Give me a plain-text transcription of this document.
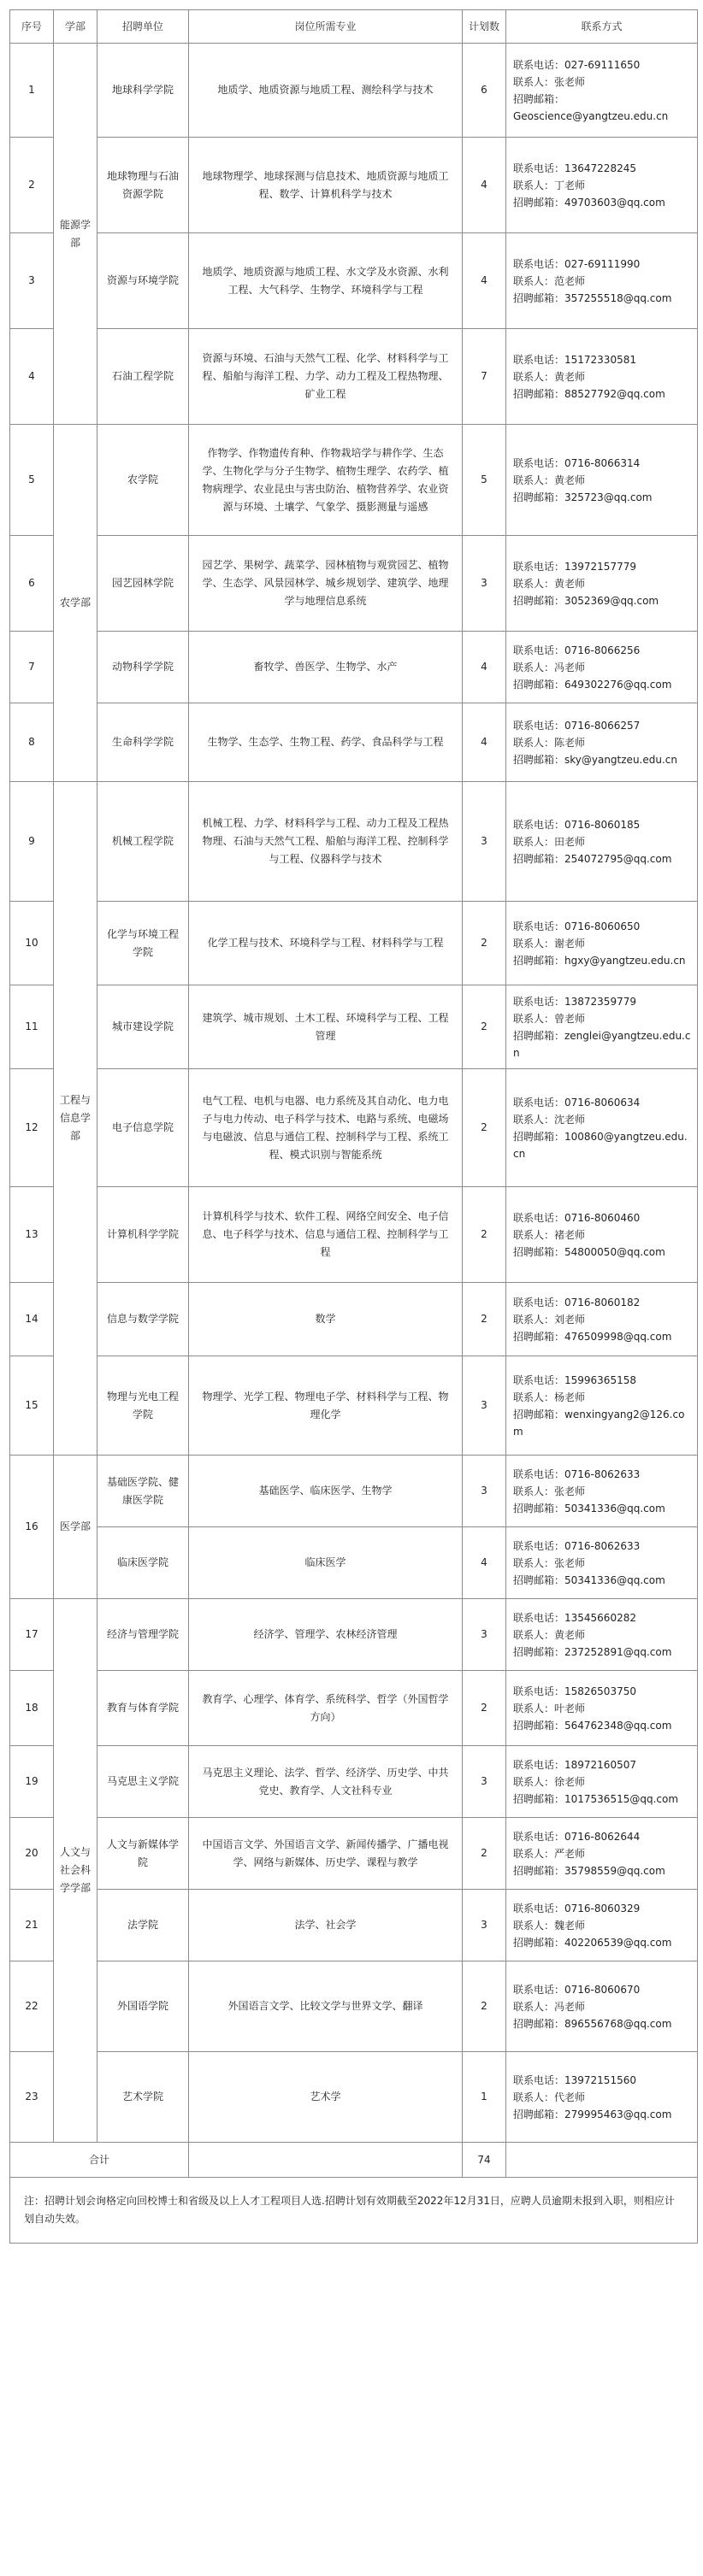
序号	学部	招聘单位	岗位所需专业	计划数	联系方式
1	能源学部	地球科学学院	地质学、地质资源与地质工程、测绘科学与技术	6	联系电话：027-69111650
联系人：张老师
招聘邮箱：
Geoscience@yangtzeu.edu.cn

2		地球物理与石油资源学院	地球物理学、地球探测与信息技术、地质资源与地质工程、数学、计算机科学与技术	4	联系电话：13647228245
联系人：丁老师
招聘邮箱：49703603@qq.com

3		资源与环境学院	地质学、地质资源与地质工程、水文学及水资源、水利工程、大气科学、生物学、环境科学与工程	4	联系电话：027-69111990
联系人：范老师
招聘邮箱：357255518@qq.com

4		石油工程学院	资源与环境、石油与天然气工程、化学、材料科学与工程、船舶与海洋工程、力学、动力工程及工程热物理、矿业工程	7	联系电话：15172330581
联系人：黄老师
招聘邮箱：88527792@qq.com

5	农学部	农学院	作物学、作物遗传育种、作物栽培学与耕作学、生态学、生物化学与分子生物学、植物生理学、农药学、植物病理学、农业昆虫与害虫防治、植物营养学、农业资源与环境、土壤学、气象学、摄影测量与遥感	5	联系电话：0716-8066314
联系人：黄老师
招聘邮箱：325723@qq.com

6		园艺园林学院	园艺学、果树学、蔬菜学、园林植物与观赏园艺、植物学、生态学、风景园林学、城乡规划学、建筑学、地理学与地理信息系统	3	联系电话：13972157779
联系人：黄老师
招聘邮箱：3052369@qq.com

7		动物科学学院	畜牧学、兽医学、生物学、水产	4	联系电话：0716-8066256
联系人：冯老师
招聘邮箱：649302276@qq.com

8		生命科学学院	生物学、生态学、生物工程、药学、食品科学与工程	4	联系电话：0716-8066257
联系人：陈老师
招聘邮箱：sky@yangtzeu.edu.cn

9	工程与信息学部	机械工程学院	机械工程、力学、材料科学与工程、动力工程及工程热物理、石油与天然气工程、船舶与海洋工程、控制科学与工程、仪器科学与技术	3	联系电话：0716-8060185
联系人：田老师
招聘邮箱：254072795@qq.com

10		化学与环境工程学院	化学工程与技术、环境科学与工程、材料科学与工程	2	联系电话：0716-8060650
联系人：谢老师
招聘邮箱：hgxy@yangtzeu.edu.cn

11		城市建设学院	建筑学、城市规划、土木工程、环境科学与工程、工程管理	2	联系电话：13872359779
联系人：曾老师
招聘邮箱：zenglei@yangtzeu.edu.cn

12		电子信息学院	电气工程、电机与电器、电力系统及其自动化、电力电子与电力传动、电子科学与技术、电路与系统、电磁场与电磁波、信息与通信工程、控制科学与工程、系统工程、模式识别与智能系统	2	联系电话：0716-8060634
联系人：沈老师
招聘邮箱：100860@yangtzeu.edu.cn

13		计算机科学学院	计算机科学与技术、软件工程、网络空间安全、电子信息、电子科学与技术、信息与通信工程、控制科学与工程	2	联系电话：0716-8060460
联系人：褚老师
招聘邮箱：54800050@qq.com

14		信息与数学学院	数学	2	联系电话：0716-8060182
联系人：刘老师
招聘邮箱：476509998@qq.com

15		物理与光电工程学院	物理学、光学工程、物理电子学、材料科学与工程、物理化学	3	联系电话：15996365158
联系人：杨老师
招聘邮箱：wenxingyang2@126.com

16	医学部	基础医学院、健康医学院	基础医学、临床医学、生物学	3	联系电话：0716-8062633
联系人：张老师
招聘邮箱：50341336@qq.com

		临床医学院	临床医学	4	联系电话：0716-8062633
联系人：张老师
招聘邮箱：50341336@qq.com

17	人文与社会科学学部	经济与管理学院	经济学、管理学、农林经济管理	3	联系电话：13545660282
联系人：黄老师
招聘邮箱：237252891@qq.com

18		教育与体育学院	教育学、心理学、体育学、系统科学、哲学（外国哲学方向）	2	联系电话：15826503750
联系人：叶老师
招聘邮箱：564762348@qq.com

19		马克思主义学院	马克思主义理论、法学、哲学、经济学、历史学、中共党史、教育学、人文社科专业	3	联系电话：18972160507
联系人：徐老师
招聘邮箱：1017536515@qq.com

20		人文与新媒体学院	中国语言文学、外国语言文学、新闻传播学、广播电视学、网络与新媒体、历史学、课程与教学	2	联系电话：0716-8062644
联系人：严老师
招聘邮箱：35798559@qq.com

21		法学院	法学、社会学	3	联系电话：0716-8060329
联系人：魏老师
招聘邮箱：402206539@qq.com

22		外国语学院	外国语言文学、比较文学与世界文学、翻译	2	联系电话：0716-8060670
联系人：冯老师
招聘邮箱：896556768@qq.com

23		艺术学院	艺术学	1	联系电话：13972151560
联系人：代老师
招聘邮箱：279995463@qq.com

合计				74	
注：招聘计划会询格定向回校博士和省级及以上人才工程项目人选.招聘计划有效期截至2022年12月31日，应聘人员逾期未报到入职，则相应计划自动失效。					
